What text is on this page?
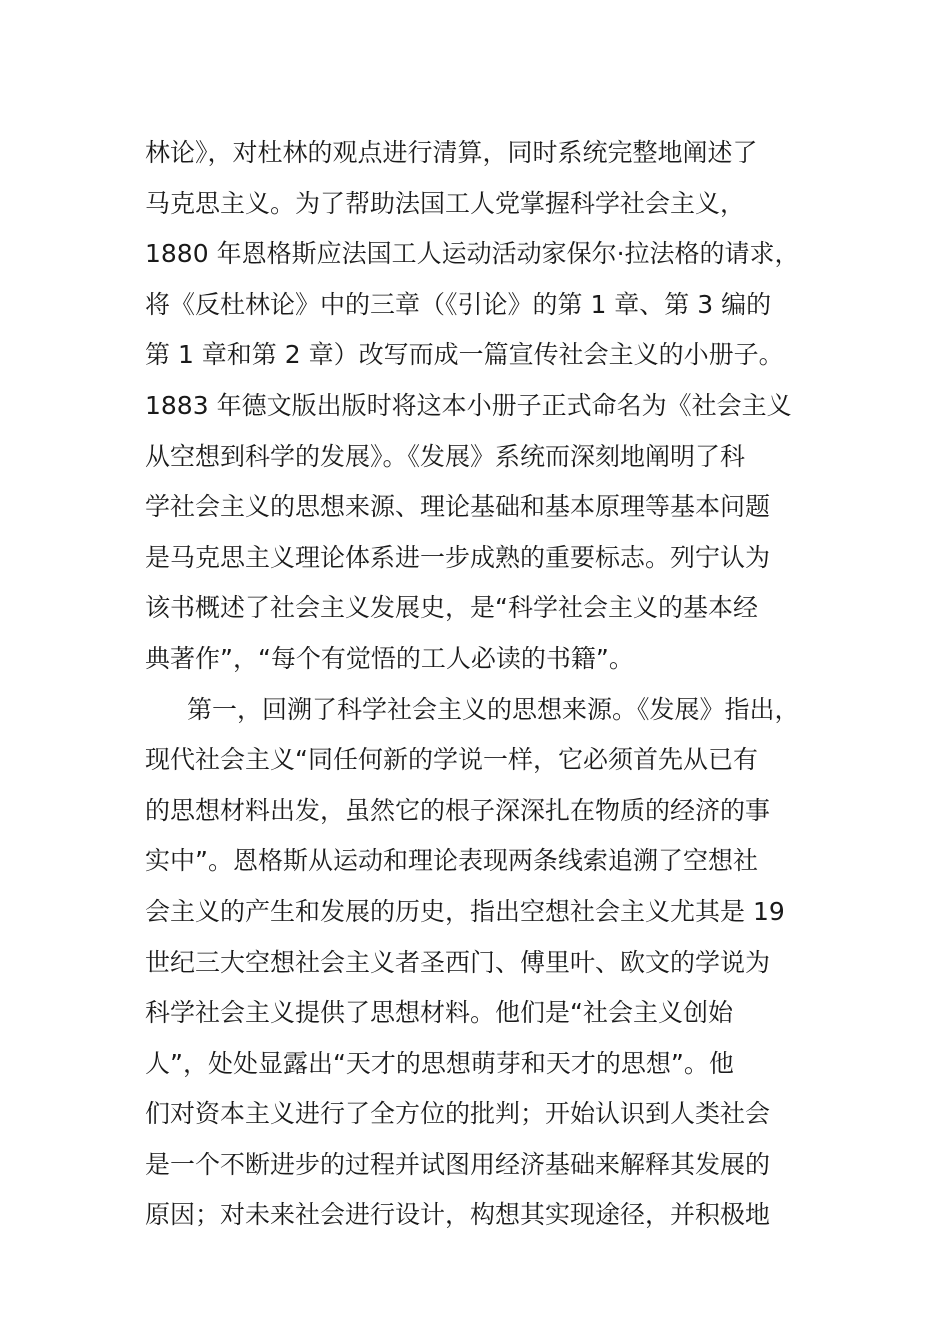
林论》，对杜林的观点进行清算，同时系统完整地阐述了
马克思主义。为了帮助法国工人党掌握科学社会主义，
1880 年恩格斯应法国工人运动活动家保尔·拉法格的请求，
将《反杜林论》中的三章（《引论》的第 1 章、第 3 编的
第 1 章和第 2 章）改写而成一篇宣传社会主义的小册子。
1883 年德文版出版时将这本小册子正式命名为《社会主义
从空想到科学的发展》。《发展》系统而深刻地阐明了科
学社会主义的思想来源、理论基础和基本原理等基本问题
是马克思主义理论体系进一步成熟的重要标志。列宁认为
该书概述了社会主义发展史，是“科学社会主义的基本经
典著作”，“每个有觉悟的工人必读的书籍”。
第一，回溯了科学社会主义的思想来源。《发展》指出，
现代社会主义“同任何新的学说一样，它必须首先从已有
的思想材料出发，虽然它的根子深深扎在物质的经济的事
实中”。恩格斯从运动和理论表现两条线索追溯了空想社
会主义的产生和发展的历史，指出空想社会主义尤其是 19
世纪三大空想社会主义者圣西门、傅里叶、欧文的学说为
科学社会主义提供了思想材料。他们是“社会主义创始
人”，处处显露出“天才的思想萌芽和天才的思想”。他
们对资本主义进行了全方位的批判；开始认识到人类社会
是一个不断进步的过程并试图用经济基础来解释其发展的
原因；对未来社会进行设计，构想其实现途径，并积极地
